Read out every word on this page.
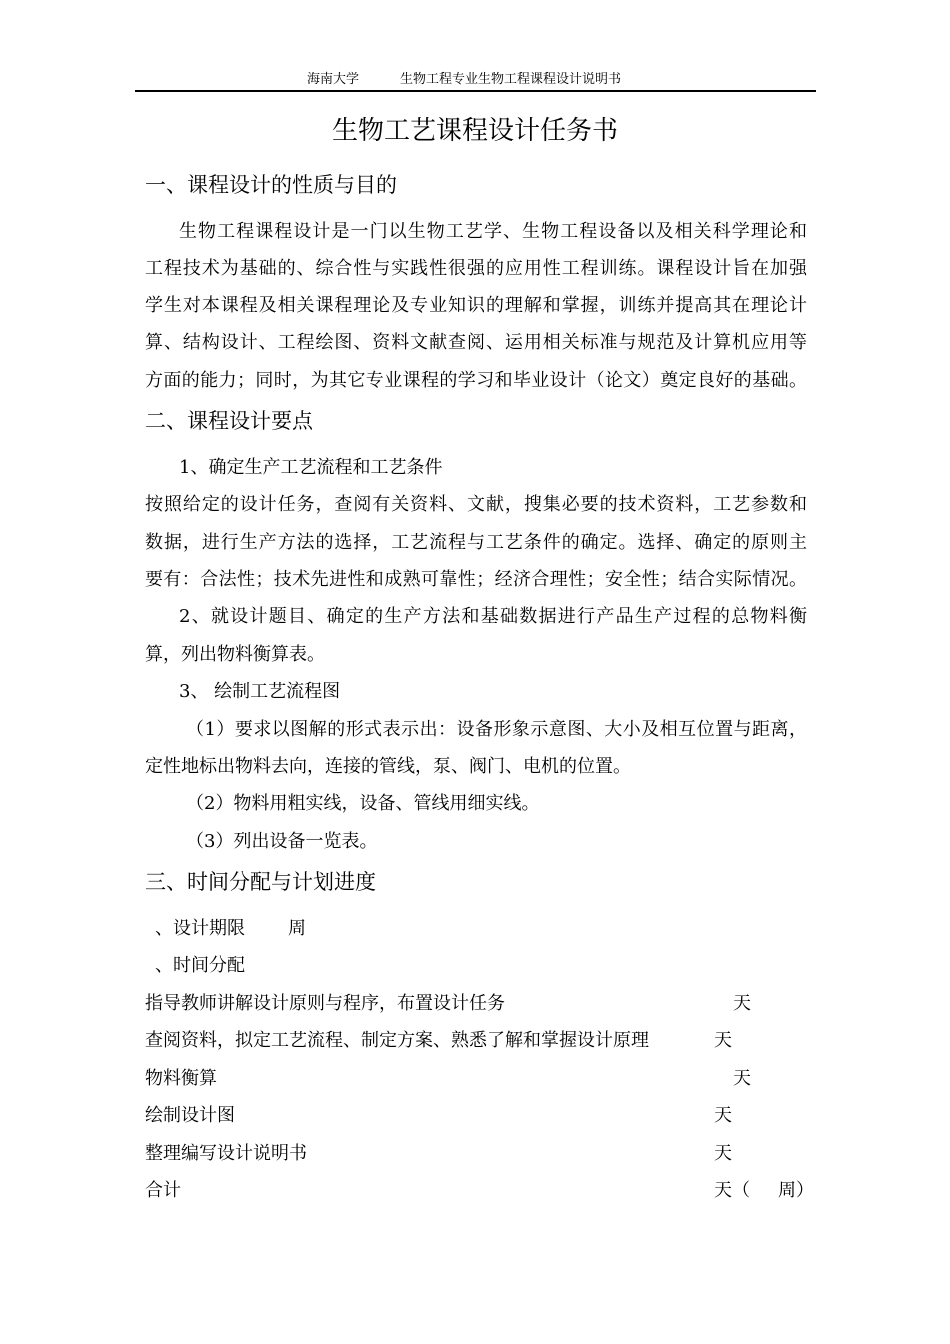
海南大学	生物工程专业生物工程课程设计说明书
生物工艺课程设计任务书
一、课程设计的性质与目的
生物工程课程设计是一门以生物工艺学、生物工程设备以及相关科学理论和
工程技术为基础的、综合性与实践性很强的应用性工程训练。课程设计旨在加强
学生对本课程及相关课程理论及专业知识的理解和掌握，训练并提高其在理论计
算、结构设计、工程绘图、资料文献查阅、运用相关标准与规范及计算机应用等
方面的能力；同时，为其它专业课程的学习和毕业设计（论文）奠定良好的基础。
二、课程设计要点
1、确定生产工艺流程和工艺条件
按照给定的设计任务，查阅有关资料、文献，搜集必要的技术资料，工艺参数和
数据，进行生产方法的选择，工艺流程与工艺条件的确定。选择、确定的原则主
要有：合法性；技术先进性和成熟可靠性；经济合理性；安全性；结合实际情况。
2、就设计题目、确定的生产方法和基础数据进行产品生产过程的总物料衡
算，列出物料衡算表。
3、 绘制工艺流程图
（1）要求以图解的形式表示出：设备形象示意图、大小及相互位置与距离，
定性地标出物料去向，连接的管线，泵、阀门、电机的位置。
（2）物料用粗实线，设备、管线用细实线。
（3）列出设备一览表。
三、时间分配与计划进度
、设计期限 周
、时间分配
指导教师讲解设计原则与程序，布置设计任务	天
查阅资料，拟定工艺流程、制定方案、熟悉了解和掌握设计原理	天
物料衡算	天
绘制设计图	天
整理编写设计说明书	天
合计	天（ 周）
